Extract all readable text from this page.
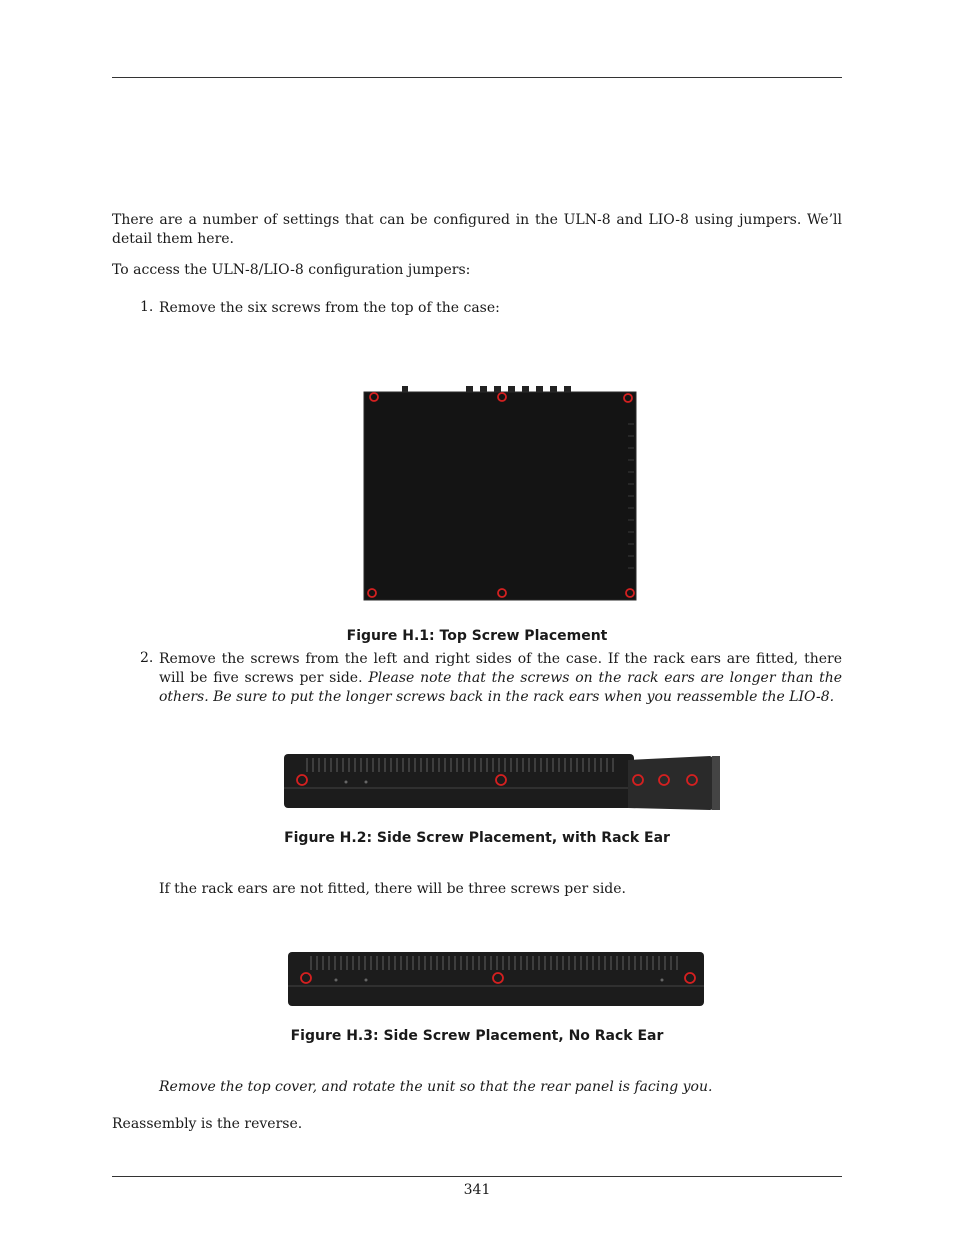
There are a number of settings that can be configured in the ULN-8 and LIO-8 using jumpers. We’ll detail them here.

To access the ULN-8/LIO-8 configuration jumpers:

1. Remove the six screws from the top of the case:

Figure H.1: Top Screw Placement
2. Remove the screws from the left and right sides of the case. If the rack ears are fitted, there will be five screws per side. Please note that the screws on the rack ears are longer than the others. Be sure to put the longer screws back in the rack ears when you reassemble the LIO-8.
Figure H.2: Side Screw Placement, with Rack Ear

If the rack ears are not fitted, there will be three screws per side.

Figure H.3: Side Screw Placement, No Rack Ear

Remove the top cover, and rotate the unit so that the rear panel is facing you.

Reassembly is the reverse.

341
